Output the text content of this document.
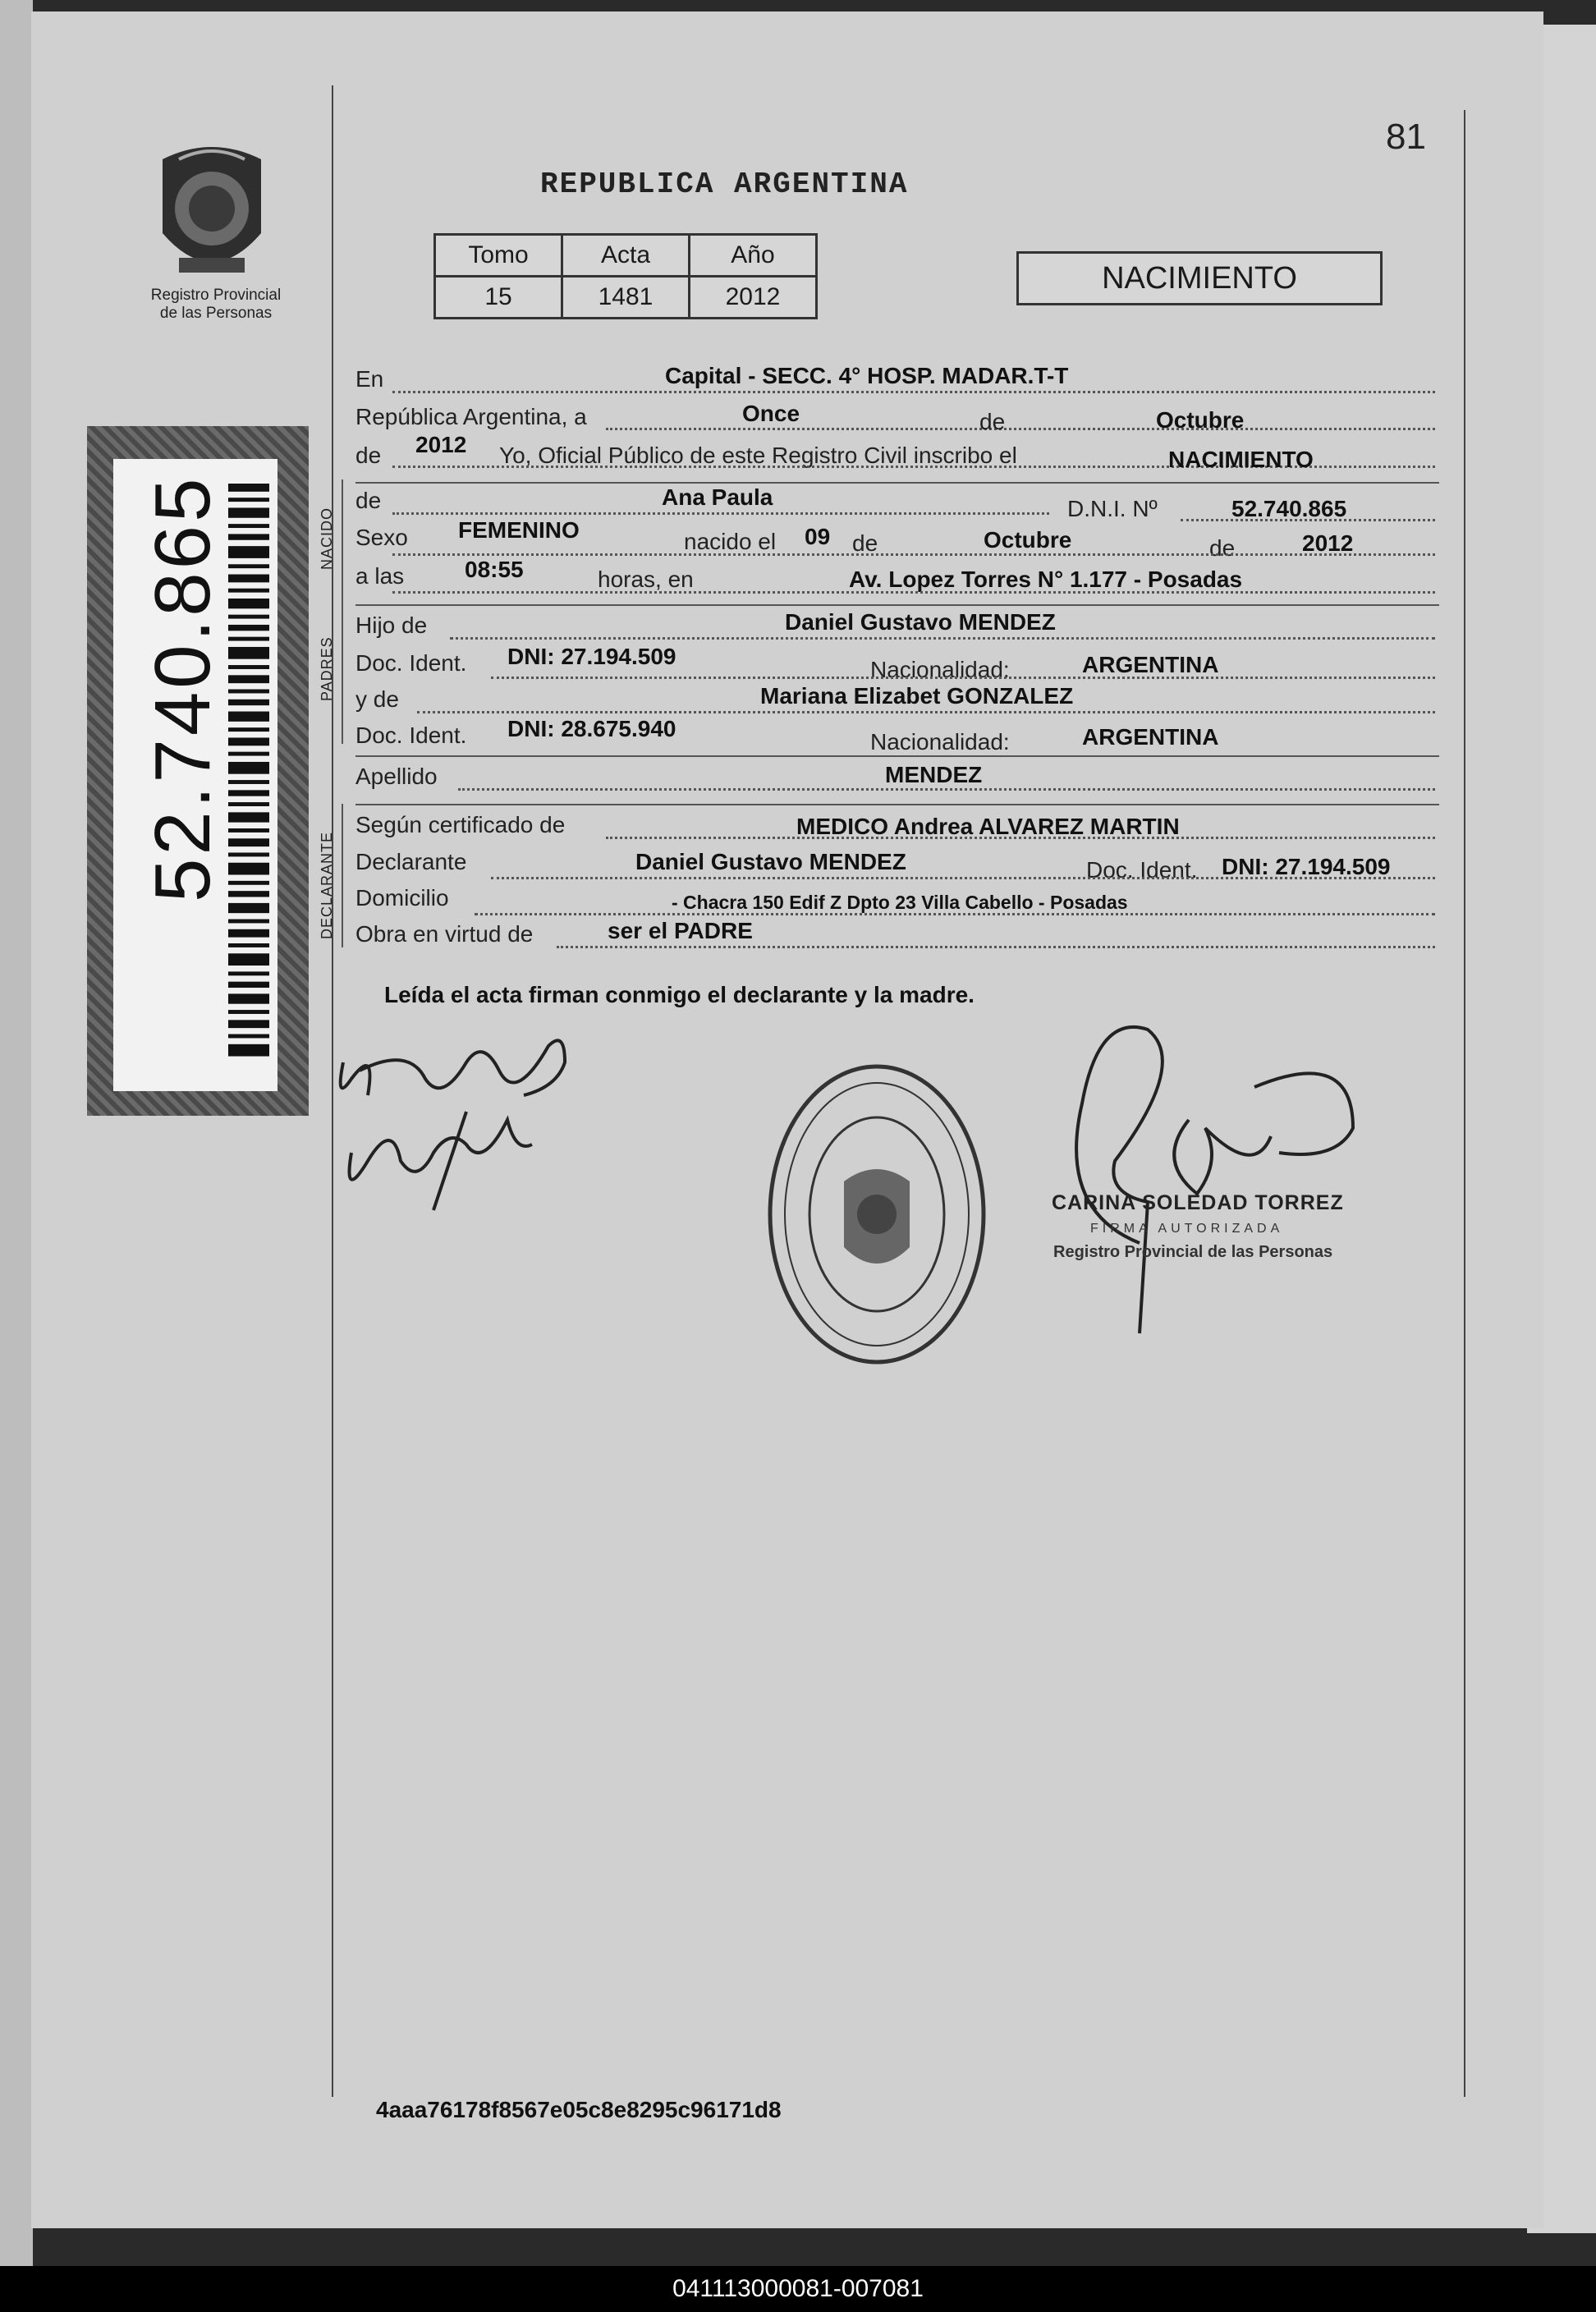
Registro Provincial
de las Personas
52.740.865
81
REPUBLICA ARGENTINA
Tomo	Acta	Año
15	1481	2012
NACIMIENTO
En	Capital - SECC. 4° HOSP. MADAR.T-T
República Argentina, a	Once	de	Octubre
de 2012 Yo, Oficial Público de este Registro Civil inscribo el	NACIMIENTO
NACIDO
de	Ana Paula	D.N.I. Nº	52.740.865
Sexo FEMENINO	nacido el 09 de	Octubre	de	2012
a las	08:55	horas, en	Av. Lopez Torres N° 1.177 - Posadas
PADRES
Hijo de	Daniel Gustavo MENDEZ
Doc. Ident. DNI: 27.194.509
Nacionalidad:	ARGENTINA
y de	Mariana Elizabet GONZALEZ
Doc. Ident. DNI: 28.675.940
Nacionalidad:	ARGENTINA
Apellido	MENDEZ
DECLARANTE
Según certificado de	MEDICO Andrea ALVAREZ MARTIN
Declarante	Daniel Gustavo MENDEZ	Doc. Ident. DNI: 27.194.509
Domicilio	- Chacra 150 Edif Z Dpto 23 Villa Cabello - Posadas
Obra en virtud de	ser el PADRE
Leída el acta firman conmigo el declarante y la madre.
CARINA SOLEDAD TORREZ
FIRMA AUTORIZADA
Registro Provincial de las Personas
4aaa76178f8567e05c8e8295c96171d8
041113000081-007081
